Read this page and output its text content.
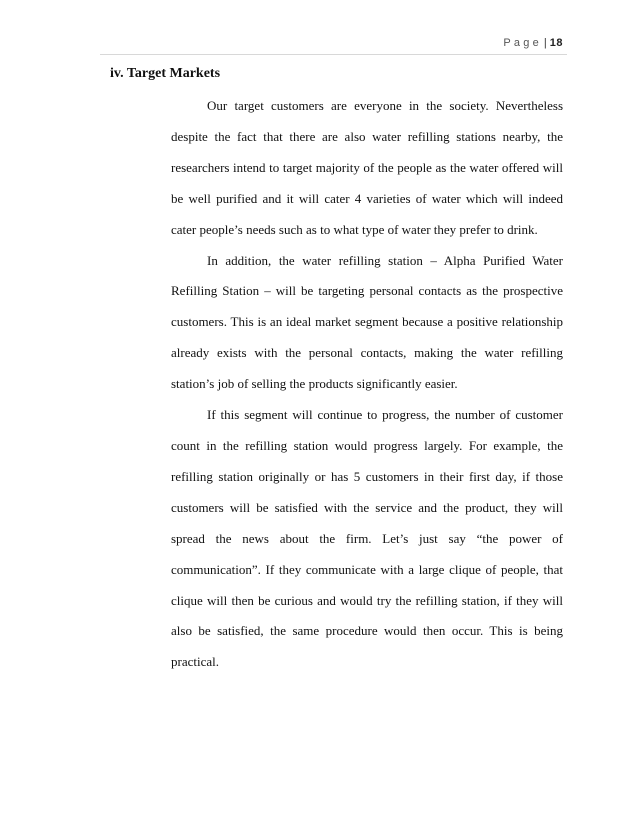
Page | 18
iv. Target Markets

Our target customers are everyone in the society. Nevertheless despite the fact that there are also water refilling stations nearby, the researchers intend to target majority of the people as the water offered will be well purified and it will cater 4 varieties of water which will indeed cater people’s needs such as to what type of water they prefer to drink.

In addition, the water refilling station – Alpha Purified Water Refilling Station – will be targeting personal contacts as the prospective customers. This is an ideal market segment because a positive relationship already exists with the personal contacts, making the water refilling station’s job of selling the products significantly easier.

If this segment will continue to progress, the number of customer count in the refilling station would progress largely. For example, the refilling station originally or has 5 customers in their first day, if those customers will be satisfied with the service and the product, they will spread the news about the firm. Let’s just say “the power of communication”. If they communicate with a large clique of people, that clique will then be curious and would try the refilling station, if they will also be satisfied, the same procedure would then occur. This is being practical.
